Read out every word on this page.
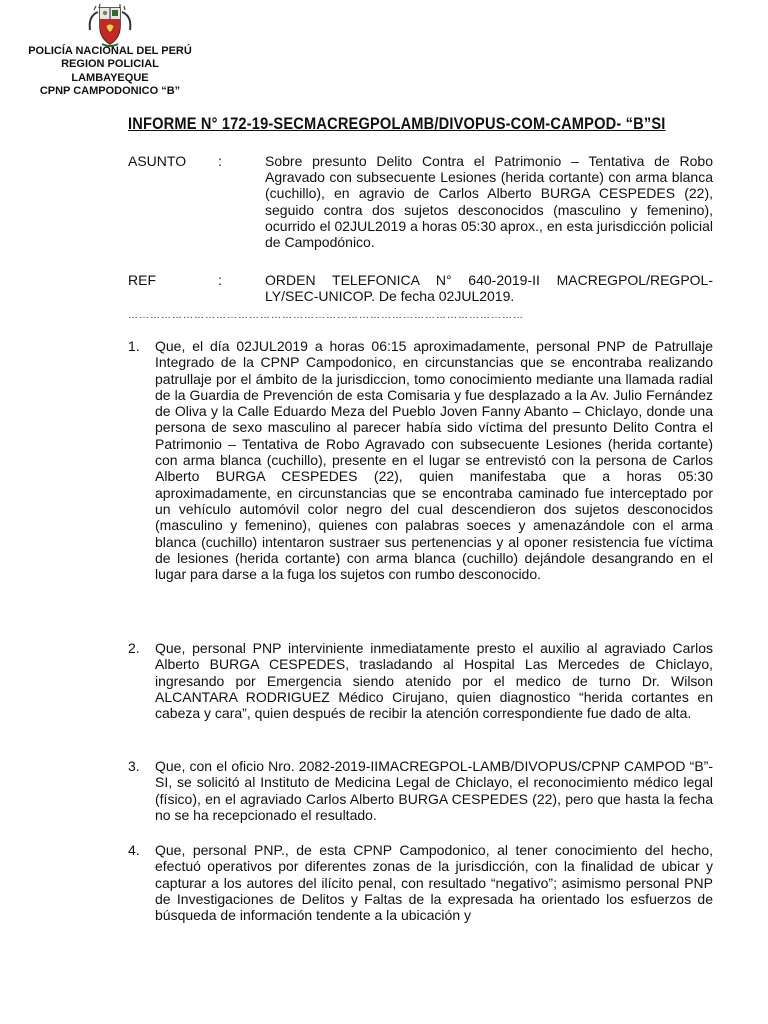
POLICÍA NACIONAL DEL PERÚ
REGION POLICIAL
LAMBAYEQUE
CPNP CAMPODONICO “B”
INFORME N° 172-19-SECMACREGPOLAMB/DIVOPUS-COM-CAMPOD- “B”SI
ASUNTO :	Sobre presunto Delito Contra el Patrimonio – Tentativa de Robo Agravado con subsecuente Lesiones (herida cortante) con arma blanca (cuchillo), en agravio de Carlos Alberto BURGA CESPEDES (22), seguido contra dos sujetos desconocidos (masculino y femenino), ocurrido el 02JUL2019 a horas 05:30 aprox., en esta jurisdicción policial de Campodónico.
REF	:	ORDEN TELEFONICA N° 640-2019-II MACREGPOL/REGPOL-LY/SEC-UNICOP. De fecha 02JUL2019.
………………………………………………………………………………………………
1. Que, el día 02JUL2019 a horas 06:15 aproximadamente, personal PNP de Patrullaje Integrado de la CPNP Campodonico, en circunstancias que se encontraba realizando patrullaje por el ámbito de la jurisdiccion, tomo conocimiento mediante una llamada radial de la Guardia de Prevención de esta Comisaria y fue desplazado a la Av. Julio Fernández de Oliva y la Calle Eduardo Meza del Pueblo Joven Fanny Abanto – Chiclayo, donde una persona de sexo masculino al parecer había sido víctima del presunto Delito Contra el Patrimonio – Tentativa de Robo Agravado con subsecuente Lesiones (herida cortante) con arma blanca (cuchillo), presente en el lugar se entrevistó con la persona de Carlos Alberto BURGA CESPEDES (22), quien manifestaba que a horas 05:30 aproximadamente, en circunstancias que se encontraba caminado fue interceptado por un vehículo automóvil color negro del cual descendieron dos sujetos desconocidos (masculino y femenino), quienes con palabras soeces y amenazándole con el arma blanca (cuchillo) intentaron sustraer sus pertenencias y al oponer resistencia fue víctima de lesiones (herida cortante) con arma blanca (cuchillo) dejándole desangrando en el lugar para darse a la fuga los sujetos con rumbo desconocido.
2. Que, personal PNP interviniente inmediatamente presto el auxilio al agraviado Carlos Alberto BURGA CESPEDES, trasladando al Hospital Las Mercedes de Chiclayo, ingresando por Emergencia siendo atenido por el medico de turno Dr. Wilson ALCANTARA RODRIGUEZ Médico Cirujano, quien diagnostico “herida cortantes en cabeza y cara”, quien después de recibir la atención correspondiente fue dado de alta.
3. Que, con el oficio Nro. 2082-2019-IIMACREGPOL-LAMB/DIVOPUS/CPNP CAMPOD “B”-SI, se solicitó al Instituto de Medicina Legal de Chiclayo, el reconocimiento médico legal (físico), en el agraviado Carlos Alberto BURGA CESPEDES (22), pero que hasta la fecha no se ha recepcionado el resultado.
4. Que, personal PNP., de esta CPNP Campodonico, al tener conocimiento del hecho, efectuó operativos por diferentes zonas de la jurisdicción, con la finalidad de ubicar y capturar a los autores del ilícito penal, con resultado “negativo”; asimismo personal PNP de Investigaciones de Delitos y Faltas de la expresada ha orientado los esfuerzos de búsqueda de información tendente a la ubicación y
